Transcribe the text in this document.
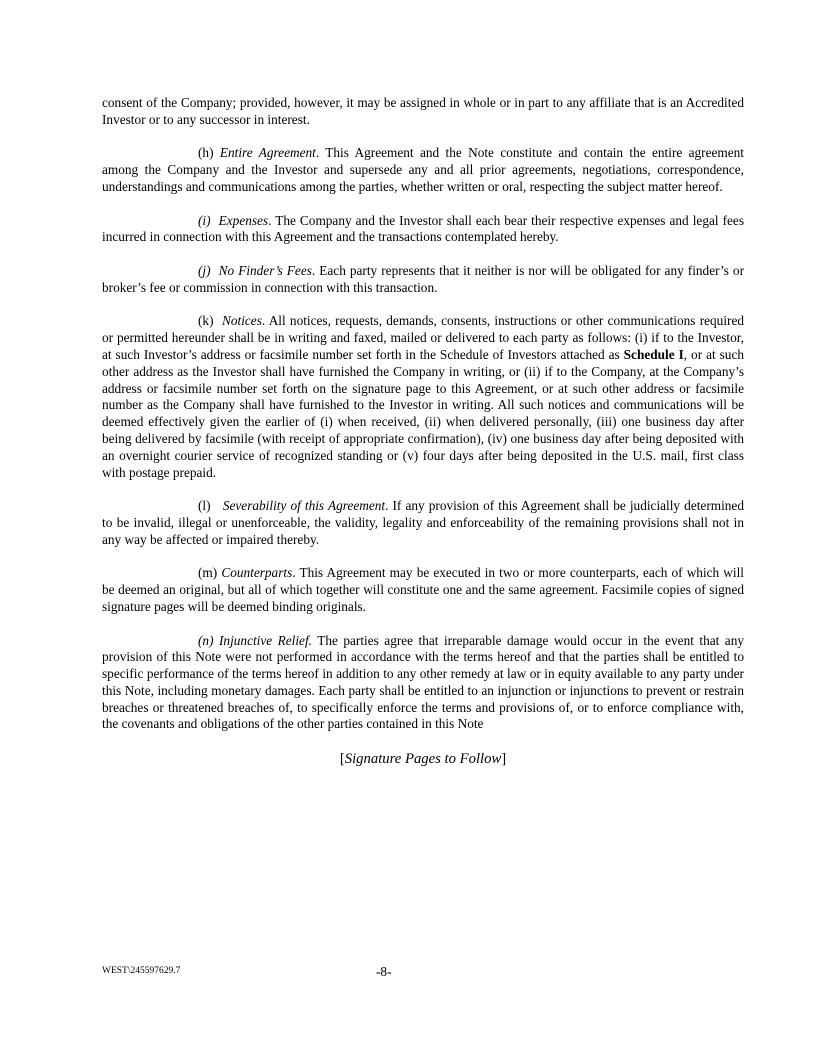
consent of the Company; provided, however, it may be assigned in whole or in part to any affiliate that is an Accredited Investor or to any successor in interest.

(h) Entire Agreement. This Agreement and the Note constitute and contain the entire agreement among the Company and the Investor and supersede any and all prior agreements, negotiations, correspondence, understandings and communications among the parties, whether written or oral, respecting the subject matter hereof.

(i) Expenses. The Company and the Investor shall each bear their respective expenses and legal fees incurred in connection with this Agreement and the transactions contemplated hereby.

(j) No Finder’s Fees. Each party represents that it neither is nor will be obligated for any finder’s or broker’s fee or commission in connection with this transaction.

(k) Notices. All notices, requests, demands, consents, instructions or other communications required or permitted hereunder shall be in writing and faxed, mailed or delivered to each party as follows: (i) if to the Investor, at such Investor’s address or facsimile number set forth in the Schedule of Investors attached as Schedule I, or at such other address as the Investor shall have furnished the Company in writing, or (ii) if to the Company, at the Company’s address or facsimile number set forth on the signature page to this Agreement, or at such other address or facsimile number as the Company shall have furnished to the Investor in writing. All such notices and communications will be deemed effectively given the earlier of (i) when received, (ii) when delivered personally, (iii) one business day after being delivered by facsimile (with receipt of appropriate confirmation), (iv) one business day after being deposited with an overnight courier service of recognized standing or (v) four days after being deposited in the U.S. mail, first class with postage prepaid.

(l) Severability of this Agreement. If any provision of this Agreement shall be judicially determined to be invalid, illegal or unenforceable, the validity, legality and enforceability of the remaining provisions shall not in any way be affected or impaired thereby.

(m) Counterparts. This Agreement may be executed in two or more counterparts, each of which will be deemed an original, but all of which together will constitute one and the same agreement. Facsimile copies of signed signature pages will be deemed binding originals.

(n) Injunctive Relief. The parties agree that irreparable damage would occur in the event that any provision of this Note were not performed in accordance with the terms hereof and that the parties shall be entitled to specific performance of the terms hereof in addition to any other remedy at law or in equity available to any party under this Note, including monetary damages. Each party shall be entitled to an injunction or injunctions to prevent or restrain breaches or threatened breaches of, to specifically enforce the terms and provisions of, or to enforce compliance with, the covenants and obligations of the other parties contained in this Note

[Signature Pages to Follow]
WEST\245597629.7	-8-
